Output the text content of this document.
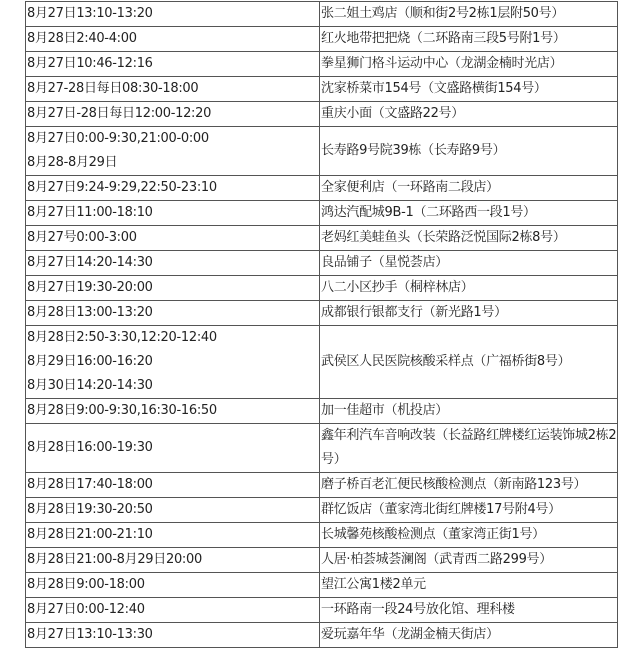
8月27日13:10-13:20	张二姐土鸡店（顺和街2号2栋1层附50号）

8月28日2:40-4:00	红火地带把把烧（二环路南三段5号附1号）

8月27日10:46-12:16	拳星狮门格斗运动中心（龙湖金楠时光店）

8月27-28日每日08:30-18:00	沈家桥菜市154号（文盛路横街154号）

8月27日-28日每日12:00-12:20	重庆小面（文盛路22号）

8月27日0:00-9:30,21:00-0:00
8月28-8月29日	长寿路9号院39栋（长寿路9号）

8月27日9:24-9:29,22:50-23:10	全家便利店（一环路南二段店）

8月27日11:00-18:10	鸿达汽配城9B-1（二环路西一段1号）

8月27号0:00-3:00	老妈红美蛙鱼头（长荣路泛悦国际2栋8号）

8月27日14:20-14:30	良品铺子（星悦荟店）

8月27日19:30-20:00	八二小区抄手（桐梓林店）

8月28日13:00-13:20	成都银行银都支行（新光路1号）

8月28日2:50-3:30,12:20-12:40
8月29日16:00-16:20
8月30日14:20-14:30	武侯区人民医院核酸采样点（广福桥街8号）

8月28日9:00-9:30,16:30-16:50	加一佳超市（机投店）

8月28日16:00-19:30	鑫年利汽车音响改装（长益路红牌楼红运装饰城2栋2号）

8月28日17:40-18:00	磨子桥百老汇便民核酸检测点（新南路123号）

8月28日19:30-20:50	群忆饭店（董家湾北街红牌楼17号附4号）

8月28日21:00-21:10	长城馨苑核酸检测点（董家湾正街1号）

8月28日21:00-8月29日20:00	人居·柏荟城荟澜阁（武青西二路299号）

8月28日9:00-18:00	望江公寓1楼2单元

8月27日0:00-12:40	一环路南一段24号放化馆、理科楼

8月27日13:10-13:30	爱玩嘉年华（龙湖金楠天街店）
